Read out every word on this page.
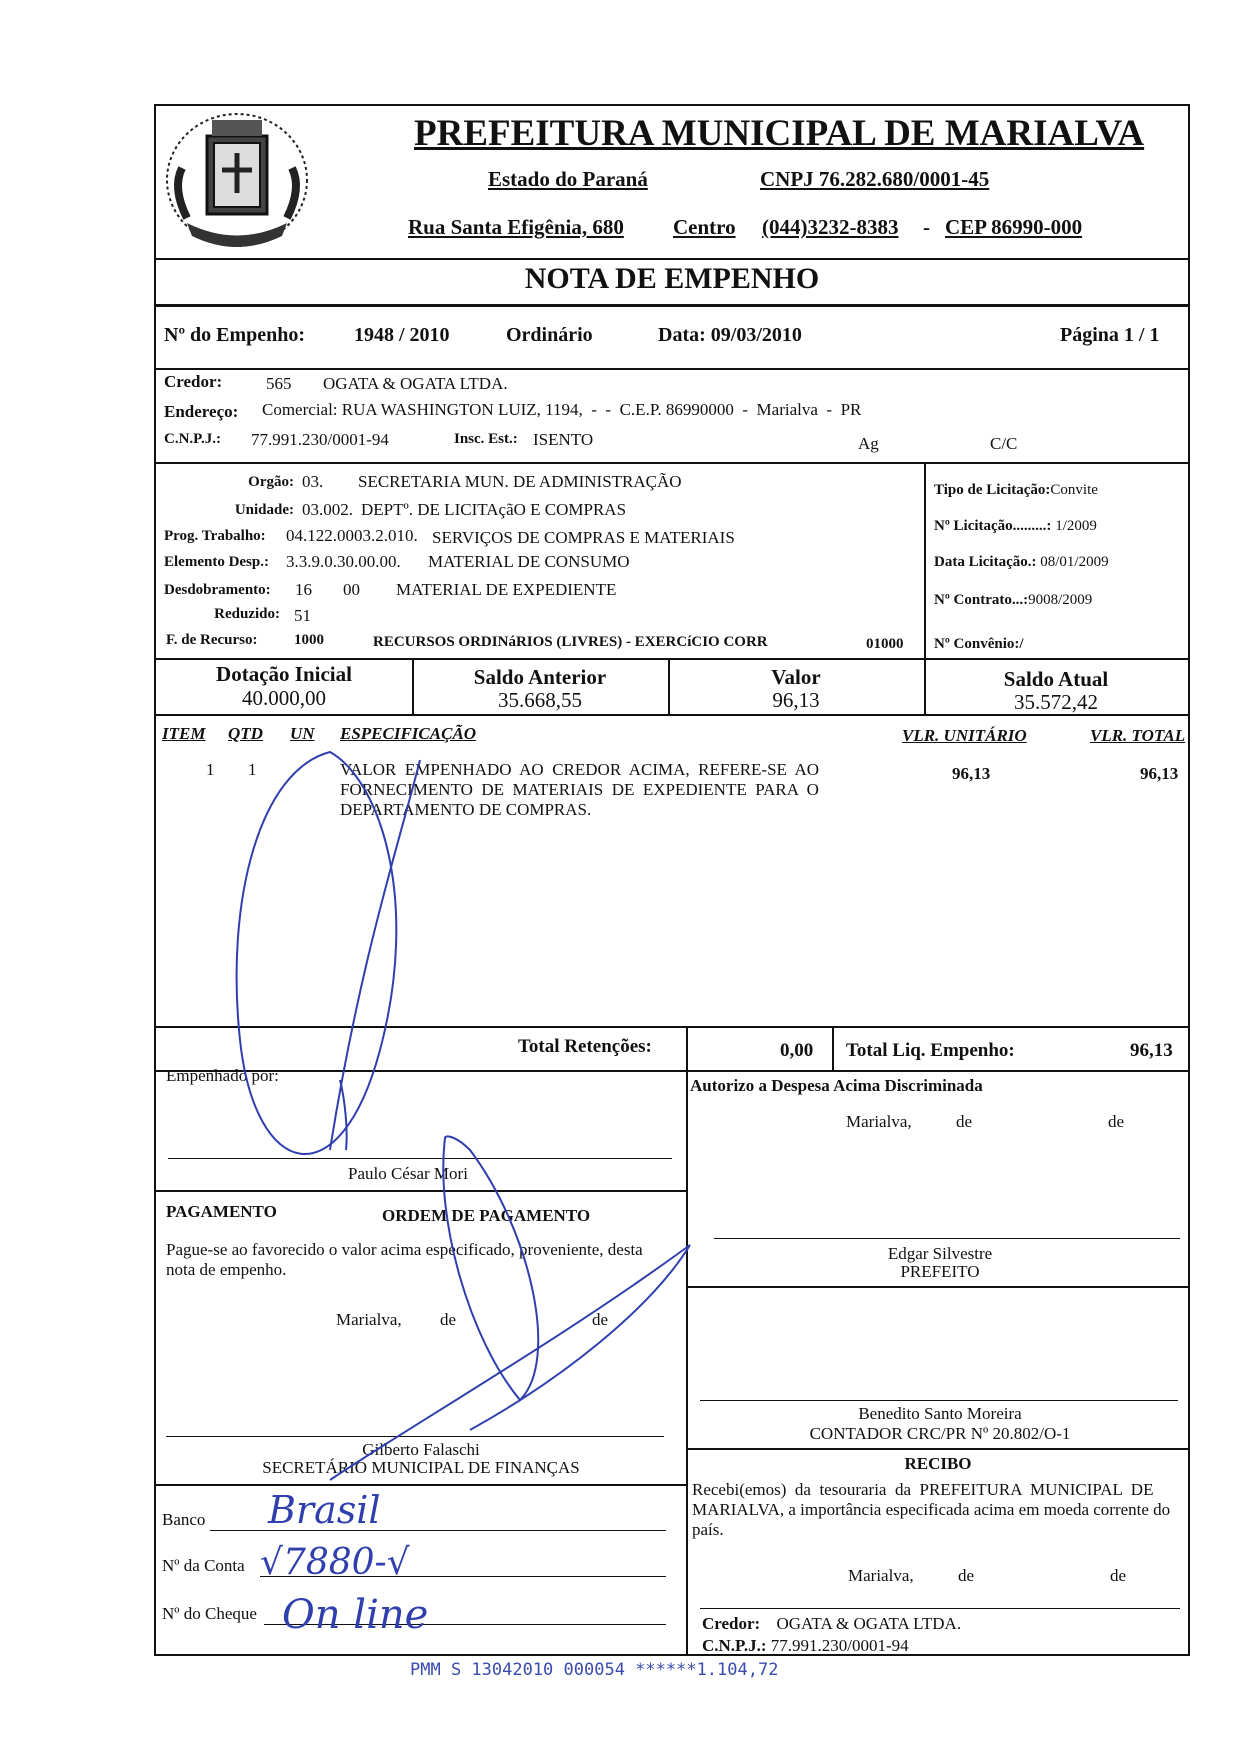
PREFEITURA MUNICIPAL DE MARIALVA
Estado do Paraná	CNPJ 76.282.680/0001-45
Rua Santa Efigênia, 680 Centro (044)3232-8383 - CEP 86990-000
NOTA DE EMPENHO
Nº do Empenho: 1948 / 2010	Ordinário	Data: 09/03/2010	Página 1 / 1
Credor:	565 OGATA & OGATA LTDA.
Endereço: Comercial: RUA WASHINGTON LUIZ, 1194,  -  -  C.E.P. 86990000  -  Marialva  -  PR
C.N.P.J.: 77.991.230/0001-94	Insc. Est.: ISENTO	Ag	C/C
Orgão: 03. SECRETARIA MUN. DE ADMINISTRAÇÃO
Unidade: 03.002. DEPTº. DE LICITAçãO E COMPRAS
Prog. Trabalho: 04.122.0003.2.010. SERVIÇOS DE COMPRAS E MATERIAIS
Elemento Desp.: 3.3.9.0.30.00.00. MATERIAL DE CONSUMO
Desdobramento: 16 00 MATERIAL DE EXPEDIENTE
Reduzido: 51
F. de Recurso: 1000	RECURSOS ORDINáRIOS (LIVRES) - EXERCíCIO CORR	01000
Tipo de Licitação:Convite
Nº Licitação.........: 1/2009
Data Licitação.: 08/01/2009
Nº Contrato...:9008/2009
Nº Convênio:/
Dotação Inicial
40.000,00
Saldo Anterior
35.668,55
Valor
96,13
Saldo Atual
35.572,42
ITEM QTD UN ESPECIFICAÇÃO	VLR. UNITÁRIO	VLR. TOTAL
1 1	VALOR  EMPENHADO  AO  CREDOR  ACIMA,  REFERE-SE  AO
FORNECIMENTO  DE  MATERIAIS  DE  EXPEDIENTE  PARA  O
DEPARTAMENTO DE COMPRAS.
96,13	96,13
Total Retenções:	0,00 Total Liq. Empenho:	96,13
Empenhado por:
Paulo César Mori
Autorizo a Despesa Acima Discriminada
Marialva,	de	de
Edgar Silvestre
PREFEITO
Benedito Santo Moreira
CONTADOR CRC/PR Nº 20.802/O-1
PAGAMENTO	ORDEM DE PAGAMENTO
Pague-se ao favorecido o valor acima especificado, proveniente, desta
nota de empenho.
Marialva, de	de
Gilberto Falaschi
SECRETÁRIO MUNICIPAL DE FINANÇAS
Banco
Nº da Conta
Nº do Cheque
Brasil
√7880-√
On line
RECIBO
Recebi(emos)  da  tesouraria  da  PREFEITURA  MUNICIPAL  DE
MARIALVA, a importância especificada acima em moeda corrente do
país.
Marialva,	de	de
Credor: OGATA & OGATA LTDA.
C.N.P.J.: 77.991.230/0001-94
PMM S 13042010 000054 ******1.104,72
